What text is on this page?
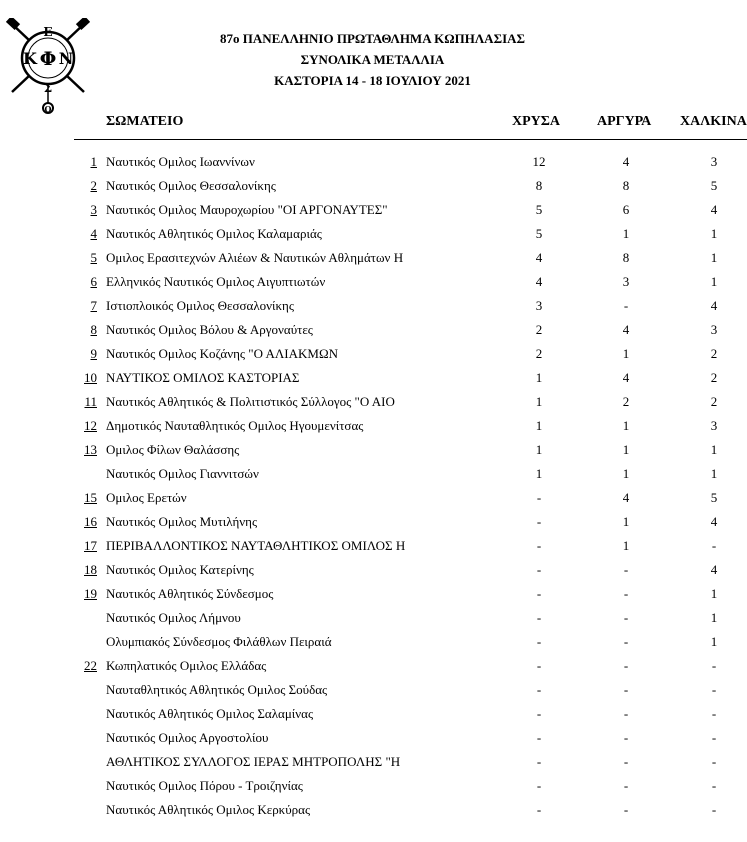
Ε
Κ Φ Ν
Σ
Ο
87ο ΠΑΝΕΛΛΗΝΙΟ ΠΡΩΤΑΘΛΗΜΑ ΚΩΠΗΛΑΣΙΑΣ
ΣΥΝΟΛΙΚΑ ΜΕΤΑΛΛΙΑ
ΚΑΣΤΟΡΙΑ 14 - 18 ΙΟΥΛΙΟΥ 2021
ΣΩΜΑΤΕΙΟ	ΧΡΥΣΑ	ΑΡΓΥΡΑ ΧΑΛΚΙΝΑ
1 Ναυτικός Ομιλος Ιωαννίνων	12	4	3
2 Ναυτικός Ομιλος Θεσσαλονίκης	8	8	5
3 Ναυτικός Ομιλος Μαυροχωρίου "ΟΙ ΑΡΓΟΝΑΥΤΕΣ"	5	6	4
4 Ναυτικός Αθλητικός Ομιλος Καλαμαριάς	5	1	1
5 Ομιλος Ερασιτεχνών Αλιέων & Ναυτικών Αθλημάτων Η	4	8	1
6 Ελληνικός Ναυτικός Ομιλος Αιγυπτιωτών	4	3	1
7 Ιστιοπλοικός Ομιλος Θεσσαλονίκης	3	-	4
8 Ναυτικός Ομιλος Βόλου & Αργοναύτες	2	4	3
9 Ναυτικός Ομιλος Κοζάνης "Ο ΑΛΙΑΚΜΩΝ	2	1	2
10 ΝΑΥΤΙΚΟΣ ΟΜΙΛΟΣ ΚΑΣΤΟΡΙΑΣ	1	4	2
11 Ναυτικός Αθλητικός & Πολιτιστικός Σύλλογος "Ο ΑΙΟ	1	2	2
12 Δημοτικός Ναυταθλητικός Ομιλος Ηγουμενίτσας	1	1	3
13 Ομιλος Φίλων Θαλάσσης	1	1	1
Ναυτικός Ομιλος Γιαννιτσών	1	1	1
15 Ομιλος Ερετών	-	4	5
16 Ναυτικός Ομιλος Μυτιλήνης	-	1	4
17 ΠΕΡΙΒΑΛΛΟΝΤΙΚΟΣ ΝΑΥΤΑΘΛΗΤΙΚΟΣ ΟΜΙΛΟΣ Η	-	1	-
18 Ναυτικός Ομιλος Κατερίνης	-	-	4
19 Ναυτικός Αθλητικός Σύνδεσμος	-	-	1
Ναυτικός Ομιλος Λήμνου	-	-	1
Ολυμπιακός Σύνδεσμος Φιλάθλων Πειραιά	-	-	1
22 Κωπηλατικός Ομιλος Ελλάδας	-	-	-
Ναυταθλητικός Αθλητικός Ομιλος Σούδας	-	-	-
Ναυτικός Αθλητικός Ομιλος Σαλαμίνας	-	-	-
Ναυτικός Ομιλος Αργοστολίου	-	-	-
ΑΘΛΗΤΙΚΟΣ ΣΥΛΛΟΓΟΣ ΙΕΡΑΣ ΜΗΤΡΟΠΟΛΗΣ "Η	-	-	-
Ναυτικός Ομιλος Πόρου - Τροιζηνίας	-	-	-
Ναυτικός Αθλητικός Ομιλος Κερκύρας	-	-	-
